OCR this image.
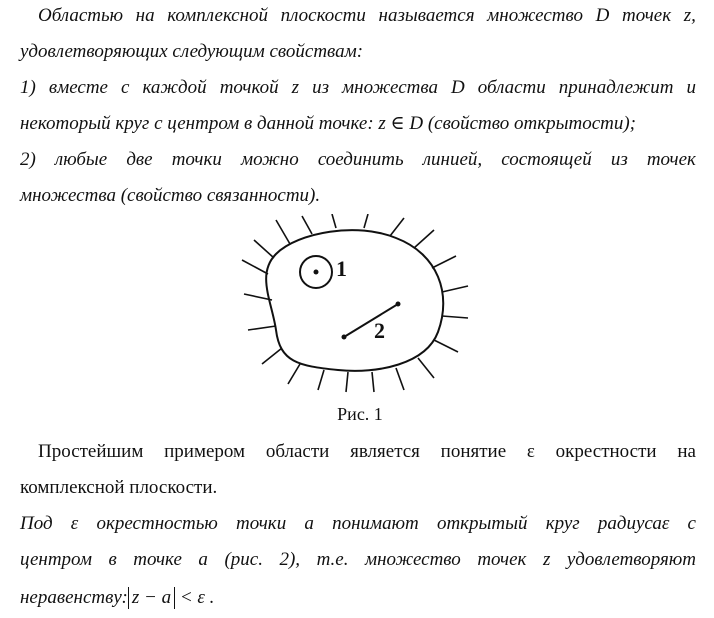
Областью на комплексной плоскости называется множество D точек z,
удовлетворяющих следующим свойствам:
1) вместе с каждой точкой z из множества D области принадлежит и
некоторый круг с центром в данной точке: z ∈ D (свойство открытости);
2) любые две точки можно соединить линией, состоящей из точек
множества (свойство связанности).
1
2
Рис. 1
Простейшим примером области является понятие ε окрестности на
комплексной плоскости.
Под ε окрестностью точки a понимают открытый круг радиусаε с
центром в точке a (рис. 2), т.е. множество точек z удовлетворяют
неравенству: z − a < ε .
